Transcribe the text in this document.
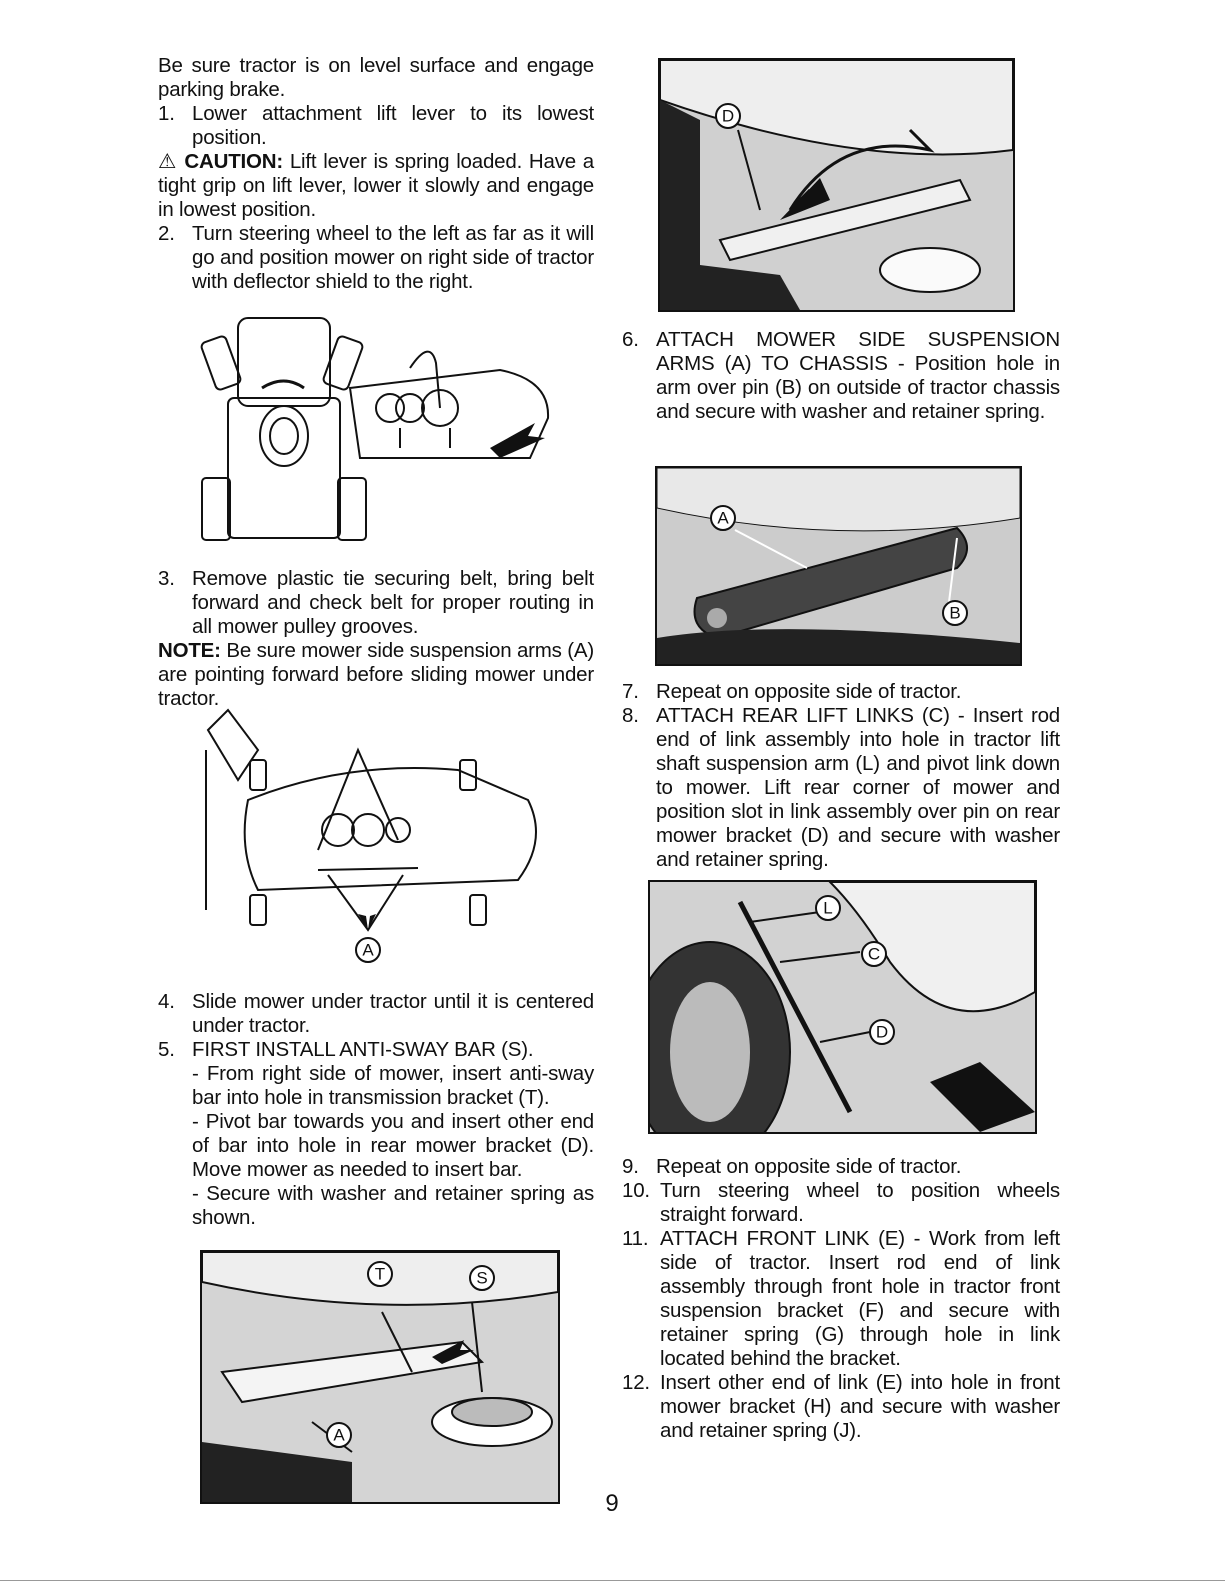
Be sure tractor is on level surface and engage parking brake.

1. Lower attachment lift lever to its lowest position.

⚠ CAUTION: Lift lever is spring loaded. Have a tight grip on lift lever, lower it slowly and engage in lowest position.

2. Turn steering wheel to the left as far as it will go and position mower on right side of tractor with deflector shield to the right.
3. Remove plastic tie securing belt, bring belt forward and check belt for proper routing in all mower pulley grooves.

NOTE: Be sure mower side suspension arms (A) are pointing forward before sliding mower under tractor.

A
4. Slide mower under tractor until it is centered under tractor.
5. FIRST INSTALL ANTI-SWAY BAR (S).
- From right side of mower, insert anti-sway bar into hole in transmission bracket (T).
- Pivot bar towards you and insert other end of bar into hole in rear mower bracket (D). Move mower as needed to insert bar.
- Secure with washer and retainer spring as shown.
T	S
A
D
6. ATTACH MOWER SIDE SUSPENSION ARMS (A) TO CHASSIS - Position hole in arm over pin (B) on outside of tractor chassis and secure with washer and retainer spring.
A
B
7. Repeat on opposite side of tractor.
8. ATTACH REAR LIFT LINKS (C) - Insert rod end of link assembly into hole in tractor lift shaft suspension arm (L) and pivot link down to mower. Lift rear corner of mower and position slot in link assembly over pin on rear mower bracket (D) and secure with washer and retainer spring.
L
C
D
9. Repeat on opposite side of tractor.
10. Turn steering wheel to position wheels straight forward.
11. ATTACH FRONT LINK (E) - Work from left side of tractor. Insert rod end of link assembly through front hole in tractor front suspension bracket (F) and secure with retainer spring (G) through hole in link located behind the bracket.
12. Insert other end of link (E) into hole in front mower bracket (H) and secure with washer and retainer spring (J).
9
